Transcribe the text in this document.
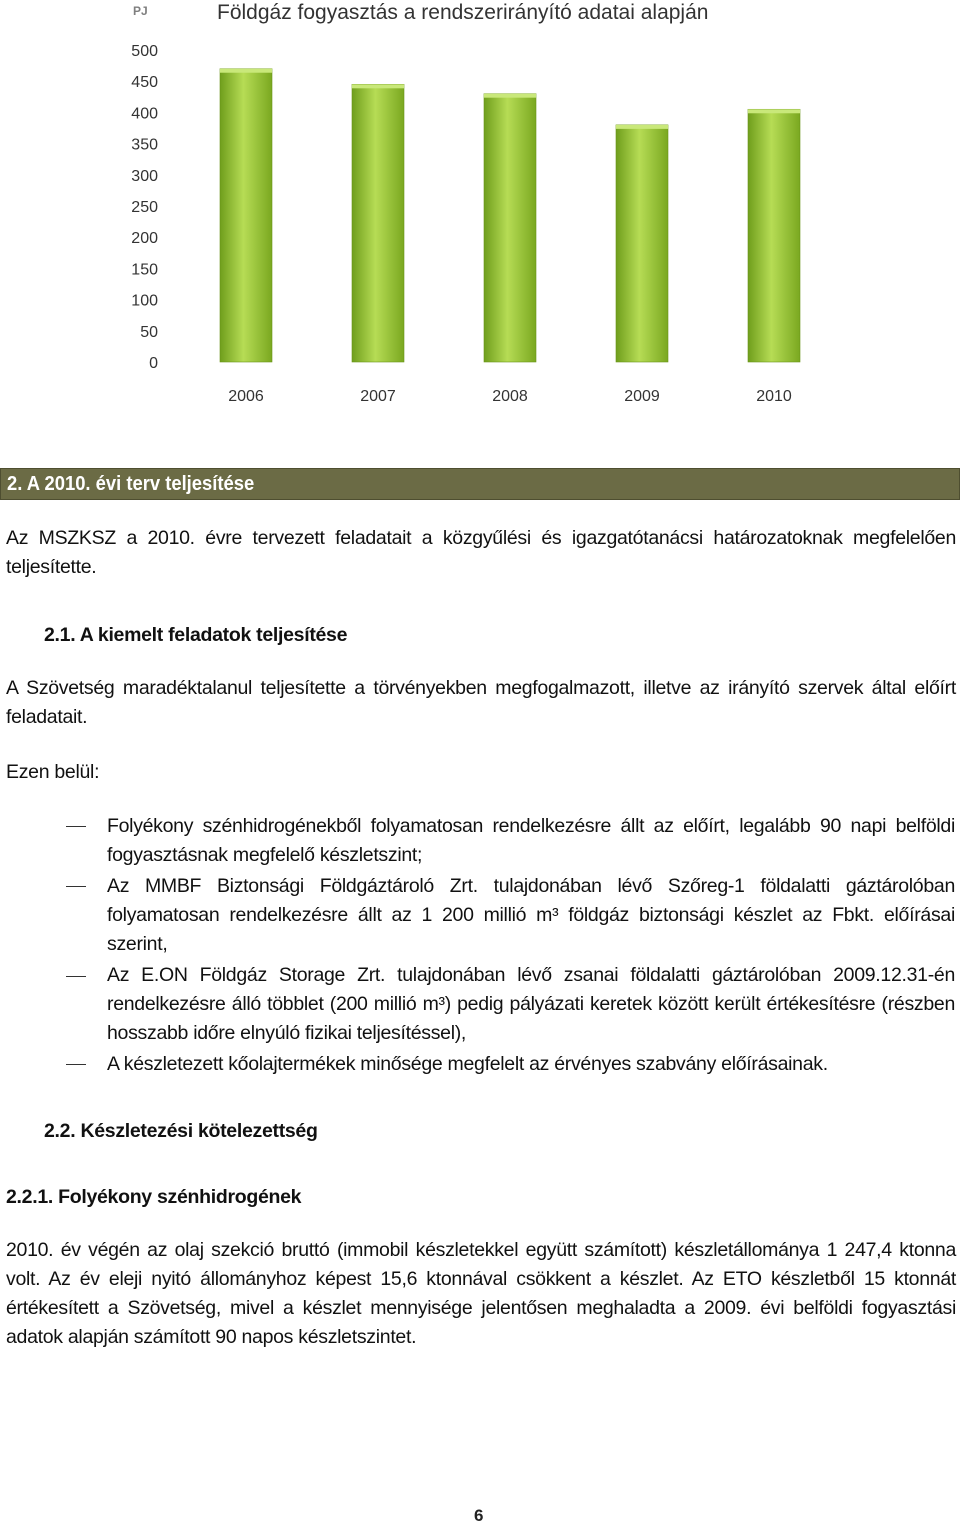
PJ	Földgáz fogyasztás a rendszerirányító adatai alapján
0
50
100
150
200
250
300
350
400
450
500
2006	2007	2008	2009	2010
2. A 2010. évi terv teljesítése
Az MSZKSZ a 2010. évre tervezett feladatait a közgyűlési és igazgatótanácsi határozatoknak megfelelően teljesítette.
2.1. A kiemelt feladatok teljesítése
A Szövetség maradéktalanul teljesítette a törvényekben megfogalmazott, illetve az irányító szervek által előírt feladatait.
Ezen belül:
Folyékony szénhidrogénekből folyamatosan rendelkezésre állt az előírt, legalább 90 napi belföldi fogyasztásnak megfelelő készletszint;
Az MMBF Biztonsági Földgáztároló Zrt. tulajdonában lévő Szőreg-1 földalatti gáztárolóban folyamatosan rendelkezésre állt az 1 200 millió m³ földgáz biztonsági készlet az Fbkt. előírásai szerint,
Az E.ON Földgáz Storage Zrt. tulajdonában lévő zsanai földalatti gáztárolóban 2009.12.31-én rendelkezésre álló többlet (200 millió m³) pedig pályázati keretek között került értékesítésre (részben hosszabb időre elnyúló fizikai teljesítéssel),
A készletezett kőolajtermékek minősége megfelelt az érvényes szabvány előírásainak.
2.2. Készletezési kötelezettség
2.2.1. Folyékony szénhidrogének
2010. év végén az olaj szekció bruttó (immobil készletekkel együtt számított) készletállománya 1 247,4 ktonna volt. Az év eleji nyitó állományhoz képest 15,6 ktonnával csökkent a készlet. Az ETO készletből 15 ktonnát értékesített a Szövetség, mivel a készlet mennyisége jelentősen meghaladta a 2009. évi belföldi fogyasztási adatok alapján számított 90 napos készletszintet.
6
